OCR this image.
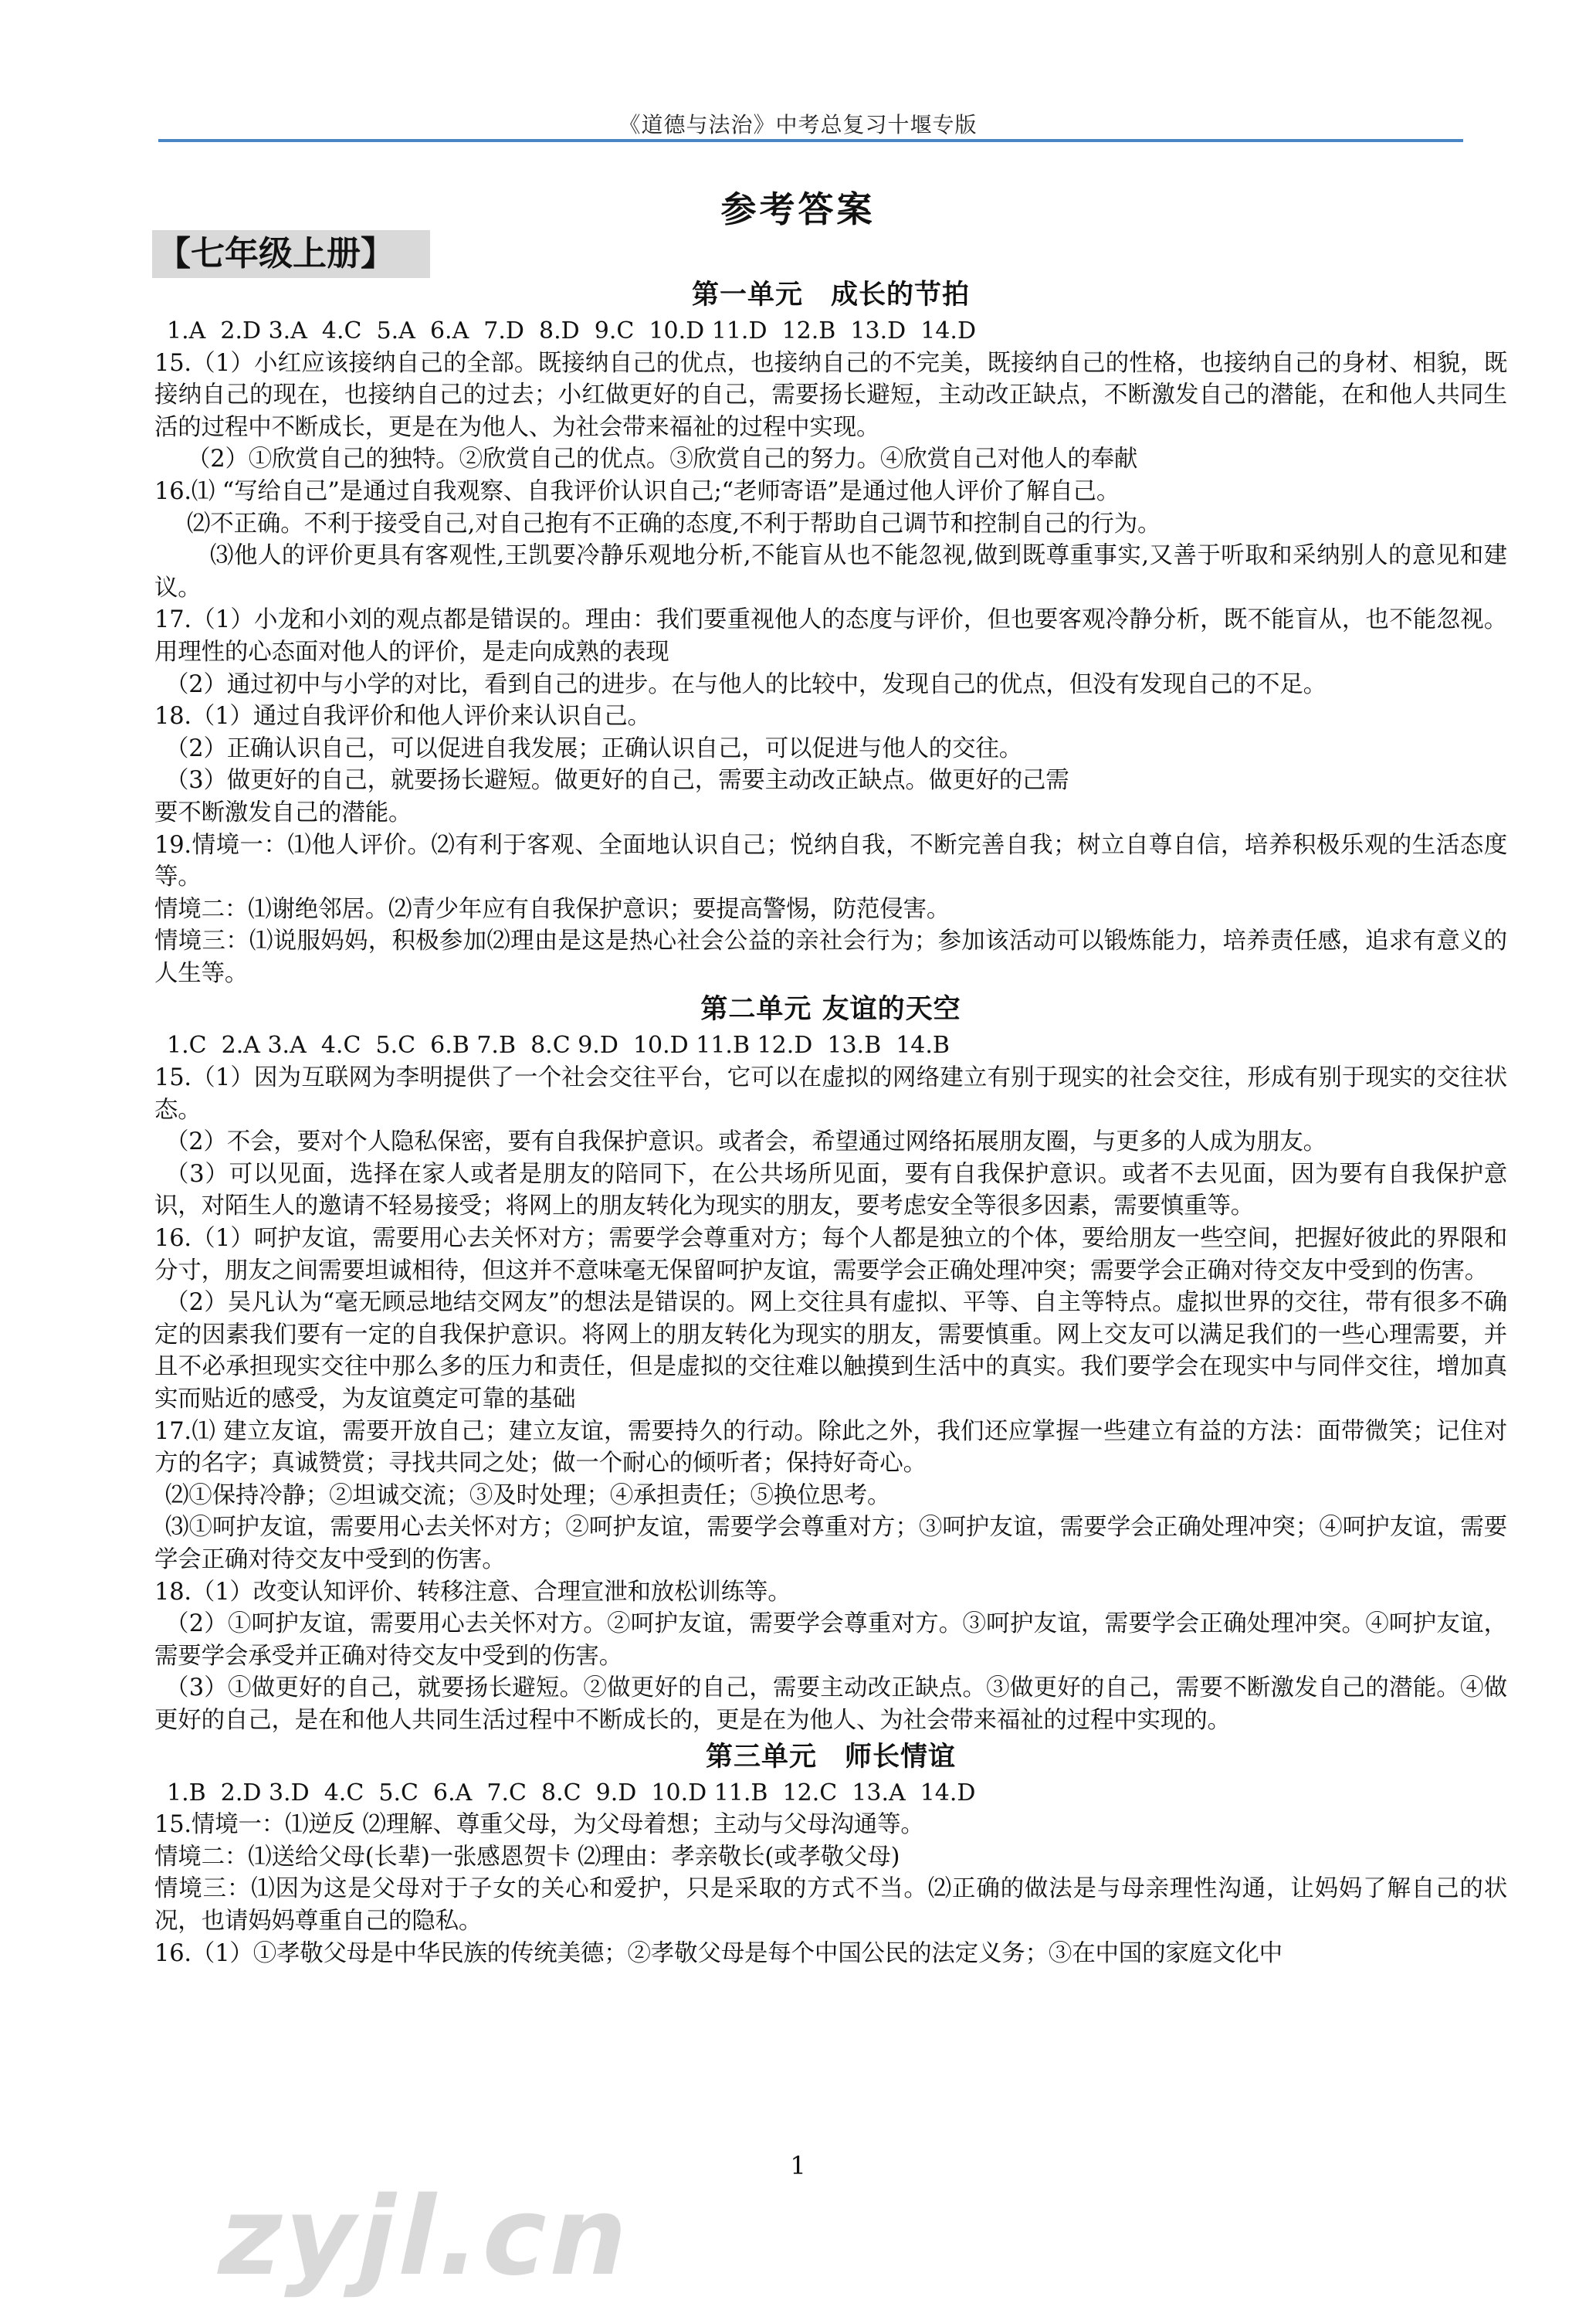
《道德与法治》中考总复习十堰专版
参考答案
【七年级上册】
第一单元　成长的节拍
1.A  2.D 3.A  4.C  5.A  6.A  7.D  8.D  9.C  10.D 11.D  12.B  13.D  14.D

15.（1）小红应该接纳自己的全部。既接纳自己的优点，也接纳自己的不完美，既接纳自己的性格，也接纳自己的身材、相貌，既接纳自己的现在，也接纳自己的过去；小红做更好的自己，需要扬长避短，主动改正缺点，不断激发自己的潜能，在和他人共同生活的过程中不断成长，更是在为他人、为社会带来福祉的过程中实现。

（2）①欣赏自己的独特。②欣赏自己的优点。③欣赏自己的努力。④欣赏自己对他人的奉献

16.⑴ “写给自己”是通过自我观察、自我评价认识自己;“老师寄语”是通过他人评价了解自己。

⑵不正确。不利于接受自己,对自己抱有不正确的态度,不利于帮助自己调节和控制自己的行为。

⑶他人的评价更具有客观性,王凯要冷静乐观地分析,不能盲从也不能忽视,做到既尊重事实,又善于听取和采纳别人的意见和建议。

17.（1）小龙和小刘的观点都是错误的。理由：我们要重视他人的态度与评价，但也要客观冷静分析，既不能盲从，也不能忽视。用理性的心态面对他人的评价，是走向成熟的表现

（2）通过初中与小学的对比，看到自己的进步。在与他人的比较中，发现自己的优点，但没有发现自己的不足。

18.（1）通过自我评价和他人评价来认识自己。

（2）正确认识自己，可以促进自我发展；正确认识自己，可以促进与他人的交往。

（3）做更好的自己，就要扬长避短。做更好的自己，需要主动改正缺点。做更好的己需

要不断激发自己的潜能。

19.情境一：⑴他人评价。⑵有利于客观、全面地认识自己；悦纳自我，不断完善自我；树立自尊自信，培养积极乐观的生活态度等。

情境二：⑴谢绝邻居。⑵青少年应有自我保护意识；要提高警惕，防范侵害。

情境三：⑴说服妈妈，积极参加⑵理由是这是热心社会公益的亲社会行为；参加该活动可以锻炼能力，培养责任感，追求有意义的人生等。

第二单元 友谊的天空
1.C  2.A 3.A  4.C  5.C  6.B 7.B  8.C 9.D  10.D 11.B 12.D  13.B  14.B

15.（1）因为互联网为李明提供了一个社会交往平台，它可以在虚拟的网络建立有别于现实的社会交往，形成有别于现实的交往状态。

（2）不会，要对个人隐私保密，要有自我保护意识。或者会，希望通过网络拓展朋友圈，与更多的人成为朋友。

（3）可以见面，选择在家人或者是朋友的陪同下，在公共场所见面，要有自我保护意识。或者不去见面，因为要有自我保护意识，对陌生人的邀请不轻易接受；将网上的朋友转化为现实的朋友，要考虑安全等很多因素，需要慎重等。

16.（1）呵护友谊，需要用心去关怀对方；需要学会尊重对方；每个人都是独立的个体，要给朋友一些空间，把握好彼此的界限和分寸，朋友之间需要坦诚相待，但这并不意味毫无保留呵护友谊，需要学会正确处理冲突；需要学会正确对待交友中受到的伤害。

（2）吴凡认为“毫无顾忌地结交网友”的想法是错误的。网上交往具有虚拟、平等、自主等特点。虚拟世界的交往，带有很多不确定的因素我们要有一定的自我保护意识。将网上的朋友转化为现实的朋友，需要慎重。网上交友可以满足我们的一些心理需要，并且不必承担现实交往中那么多的压力和责任，但是虚拟的交往难以触摸到生活中的真实。我们要学会在现实中与同伴交往，增加真实而贴近的感受，为友谊奠定可靠的基础

17.⑴ 建立友谊，需要开放自己；建立友谊，需要持久的行动。除此之外，我们还应掌握一些建立有益的方法：面带微笑；记住对方的名字；真诚赞赏；寻找共同之处；做一个耐心的倾听者；保持好奇心。

⑵①保持冷静；②坦诚交流；③及时处理；④承担责任；⑤换位思考。

⑶①呵护友谊，需要用心去关怀对方；②呵护友谊，需要学会尊重对方；③呵护友谊，需要学会正确处理冲突；④呵护友谊，需要学会正确对待交友中受到的伤害。

18.（1）改变认知评价、转移注意、合理宣泄和放松训练等。

（2）①呵护友谊，需要用心去关怀对方。②呵护友谊，需要学会尊重对方。③呵护友谊，需要学会正确处理冲突。④呵护友谊，需要学会承受并正确对待交友中受到的伤害。

（3）①做更好的自己，就要扬长避短。②做更好的自己，需要主动改正缺点。③做更好的自己，需要不断激发自己的潜能。④做更好的自己，是在和他人共同生活过程中不断成长的，更是在为他人、为社会带来福祉的过程中实现的。

第三单元　师长情谊
1.B  2.D 3.D  4.C  5.C  6.A  7.C  8.C  9.D  10.D 11.B  12.C  13.A  14.D

15.情境一：⑴逆反 ⑵理解、尊重父母，为父母着想；主动与父母沟通等。

情境二：⑴送给父母(长辈)一张感恩贺卡 ⑵理由：孝亲敬长(或孝敬父母)

情境三：⑴因为这是父母对于子女的关心和爱护，只是采取的方式不当。⑵正确的做法是与母亲理性沟通，让妈妈了解自己的状况，也请妈妈尊重自己的隐私。

16.（1）①孝敬父母是中华民族的传统美德；②孝敬父母是每个中国公民的法定义务；③在中国的家庭文化中

1
zyjl.cn
